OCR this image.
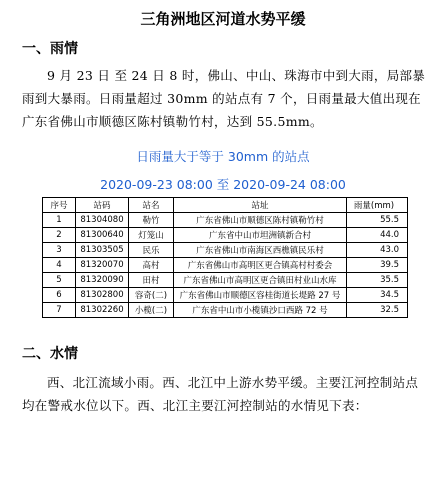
三角洲地区河道水势平缓
一、雨情
9 月 23 日 至 24 日 8 时，佛山、中山、珠海市中到大雨，局部暴雨到大暴雨。日雨量超过 30mm 的站点有 7 个，日雨量最大值出现在广东省佛山市顺德区陈村镇勒竹村，达到 55.5mm。
日雨量大于等于 30mm 的站点
2020-09-23 08:00 至 2020-09-24 08:00
序号	站码	站名	站址	雨量(mm)
1	81304080	勒竹	广东省佛山市顺德区陈村镇勒竹村	55.5
2	81300640	灯笼山	广东省中山市坦洲镇新合村	44.0
3	81303505	民乐	广东省佛山市南海区西樵镇民乐村	43.0
4	81320070	高村	广东省佛山市高明区更合镇高村村委会	39.5
5	81320090	田村	广东省佛山市高明区更合镇田村业山水库	35.5
6	81302800	容奇(二)	广东省佛山市顺德区容桂街道长堤路 27 号	34.5
7	81302260	小榄(二)	广东省中山市小榄镇沙口西路 72 号	32.5
二、水情
西、北江流域小雨。西、北江中上游水势平缓。主要江河控制站点均在警戒水位以下。西、北江主要江河控制站的水情见下表：
